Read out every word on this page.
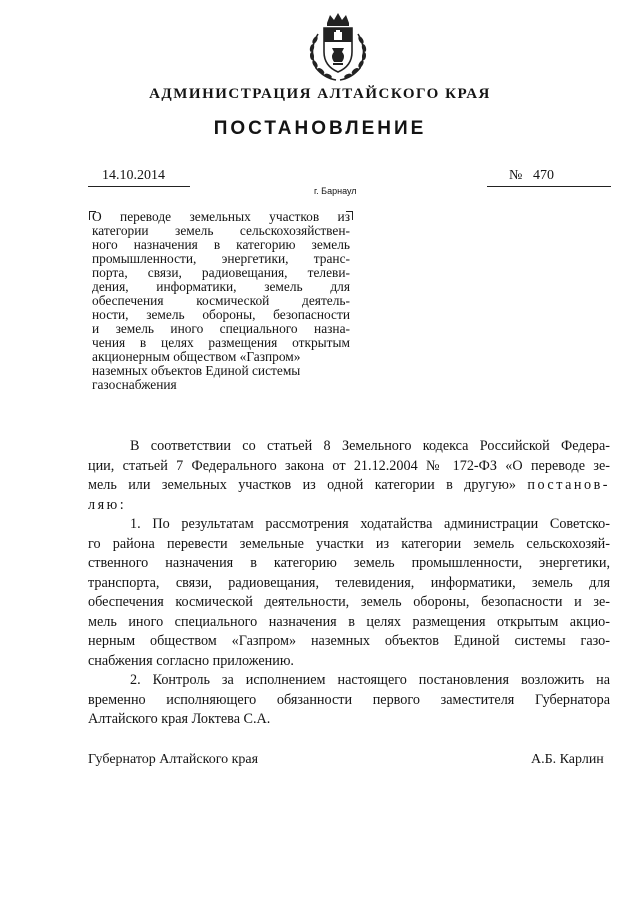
АДМИНИСТРАЦИЯ АЛТАЙСКОГО КРАЯ
ПОСТАНОВЛЕНИЕ
14.10.2014	№ 470
г. Барнаул
О переводе земельных участков из
категории земель сельскохозяйствен-
ного назначения в категорию земель
промышленности, энергетики, транс-
порта, связи, радиовещания, телеви-
дения, информатики, земель для
обеспечения космической деятель-
ности, земель обороны, безопасности
и земель иного специального назна-
чения в целях размещения открытым
акционерным обществом «Газпром»
наземных объектов Единой системы
газоснабжения
В соответствии со статьей 8 Земельного кодекса Российской Федера-
ции, статьей 7 Федерального закона от 21.12.2004 № 172-ФЗ «О переводе зе-
мель или земельных участков из одной категории в другую» постанов-
ляю:
1. По результатам рассмотрения ходатайства администрации Советско-
го района перевести земельные участки из категории земель сельскохозяй-
ственного назначения в категорию земель промышленности, энергетики,
транспорта, связи, радиовещания, телевидения, информатики, земель для
обеспечения космической деятельности, земель обороны, безопасности и зе-
мель иного специального назначения в целях размещения открытым акцио-
нерным обществом «Газпром» наземных объектов Единой системы газо-
снабжения согласно приложению.
2. Контроль за исполнением настоящего постановления возложить на
временно исполняющего обязанности первого заместителя Губернатора
Алтайского края Локтева С.А.
Губернатор Алтайского края	А.Б. Карлин
